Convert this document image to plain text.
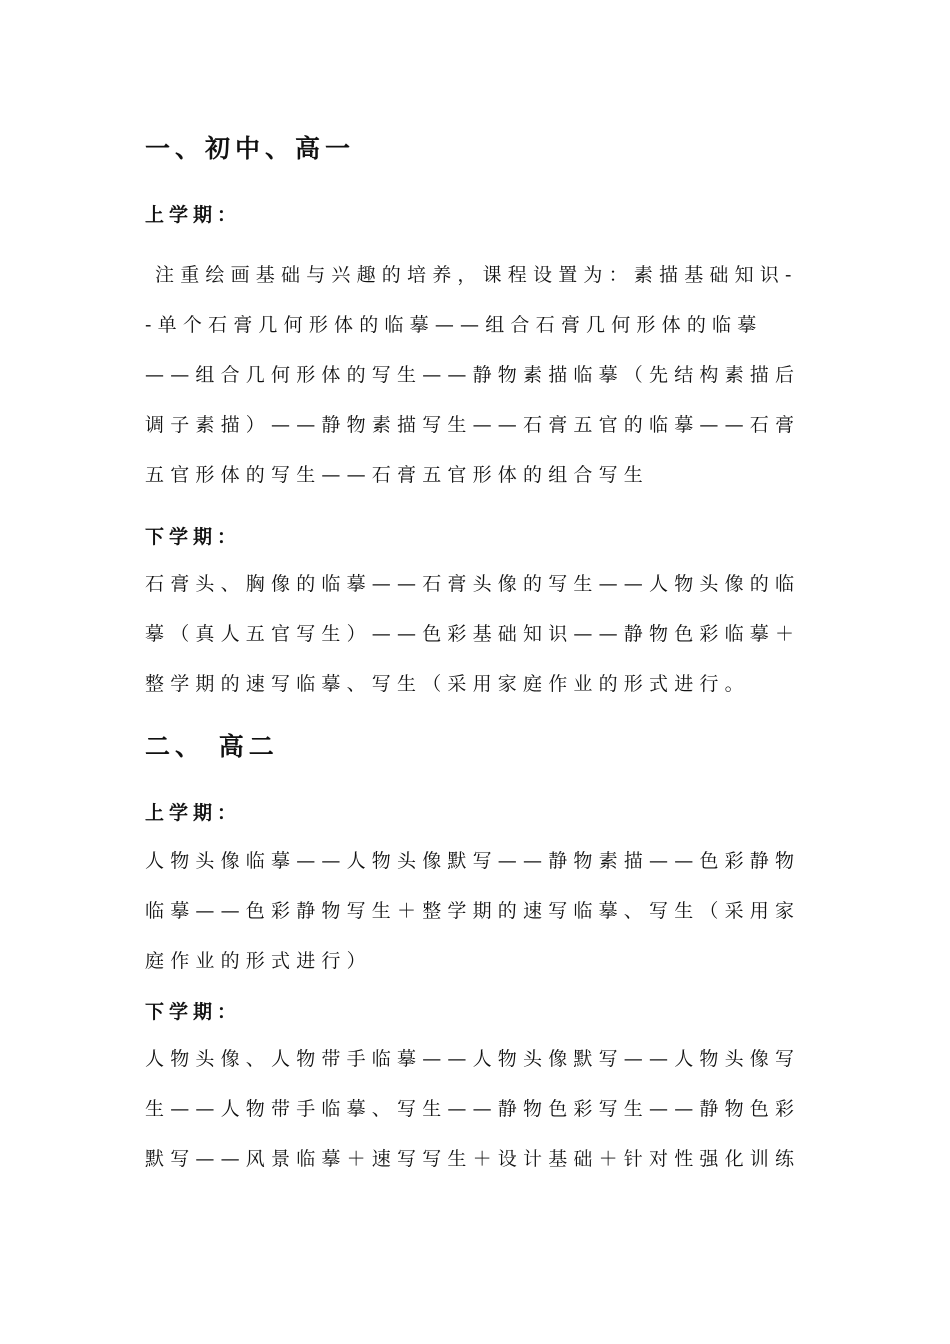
一、初中、高一
上学期：

注重绘画基础与兴趣的培养，课程设置为：素描基础知识--单个石膏几何形体的临摹——组合石膏几何形体的临摹——组合几何形体的写生——静物素描临摹（先结构素描后调子素描）——静物素描写生——石膏五官的临摹——石膏五官形体的写生——石膏五官形体的组合写生

下学期：

石膏头、胸像的临摹——石膏头像的写生——人物头像的临摹（真人五官写生）——色彩基础知识——静物色彩临摹＋整学期的速写临摹、写生（采用家庭作业的形式进行。

二、 高二
上学期：

人物头像临摹——人物头像默写——静物素描——色彩静物临摹——色彩静物写生＋整学期的速写临摹、写生（采用家庭作业的形式进行）

下学期：

人物头像、人物带手临摹——人物头像默写——人物头像写生——人物带手临摹、写生——静物色彩写生——静物色彩默写——风景临摹＋速写写生＋设计基础＋针对性强化训练
